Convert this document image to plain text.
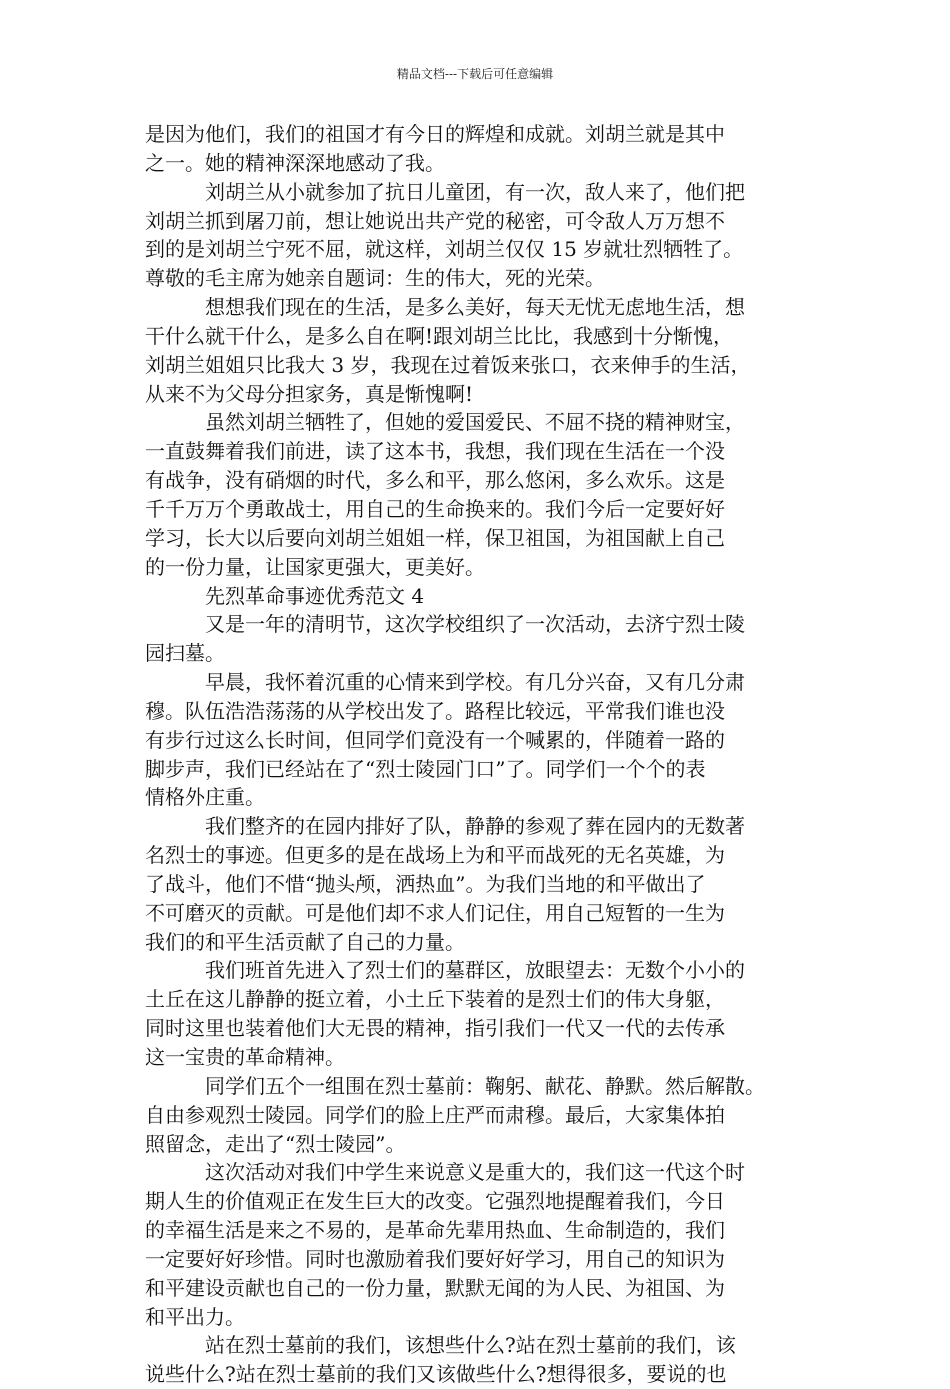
精品文档---下载后可任意编辑
是因为他们，我们的祖国才有今日的辉煌和成就。刘胡兰就是其中
之一。她的精神深深地感动了我。
刘胡兰从小就参加了抗日儿童团，有一次，敌人来了，他们把
刘胡兰抓到屠刀前，想让她说出共产党的秘密，可令敌人万万想不
到的是刘胡兰宁死不屈，就这样，刘胡兰仅仅 15 岁就壮烈牺牲了。
尊敬的毛主席为她亲自题词：生的伟大，死的光荣。
想想我们现在的生活，是多么美好，每天无忧无虑地生活，想
干什么就干什么，是多么自在啊!跟刘胡兰比比，我感到十分惭愧，
刘胡兰姐姐只比我大 3 岁，我现在过着饭来张口，衣来伸手的生活，
从来不为父母分担家务，真是惭愧啊!
虽然刘胡兰牺牲了，但她的爱国爱民、不屈不挠的精神财宝，
一直鼓舞着我们前进，读了这本书，我想，我们现在生活在一个没
有战争，没有硝烟的时代，多么和平，那么悠闲，多么欢乐。这是
千千万万个勇敢战士，用自己的生命换来的。我们今后一定要好好
学习，长大以后要向刘胡兰姐姐一样，保卫祖国，为祖国献上自己
的一份力量，让国家更强大，更美好。
先烈革命事迹优秀范文 4
又是一年的清明节，这次学校组织了一次活动，去济宁烈士陵
园扫墓。
早晨，我怀着沉重的心情来到学校。有几分兴奋，又有几分肃
穆。队伍浩浩荡荡的从学校出发了。路程比较远，平常我们谁也没
有步行过这么长时间，但同学们竟没有一个喊累的，伴随着一路的
脚步声，我们已经站在了“烈士陵园门口”了。同学们一个个的表
情格外庄重。
我们整齐的在园内排好了队，静静的参观了葬在园内的无数著
名烈士的事迹。但更多的是在战场上为和平而战死的无名英雄，为
了战斗，他们不惜“抛头颅，洒热血”。为我们当地的和平做出了
不可磨灭的贡献。可是他们却不求人们记住，用自己短暂的一生为
我们的和平生活贡献了自己的力量。
我们班首先进入了烈士们的墓群区，放眼望去：无数个小小的
土丘在这儿静静的挺立着，小土丘下装着的是烈士们的伟大身躯，
同时这里也装着他们大无畏的精神，指引我们一代又一代的去传承
这一宝贵的革命精神。
同学们五个一组围在烈士墓前：鞠躬、献花、静默。然后解散。
自由参观烈士陵园。同学们的脸上庄严而肃穆。最后，大家集体拍
照留念，走出了“烈士陵园”。
这次活动对我们中学生来说意义是重大的，我们这一代这个时
期人生的价值观正在发生巨大的改变。它强烈地提醒着我们，今日
的幸福生活是来之不易的，是革命先辈用热血、生命制造的，我们
一定要好好珍惜。同时也激励着我们要好好学习，用自己的知识为
和平建设贡献也自己的一份力量，默默无闻的为人民、为祖国、为
和平出力。
站在烈士墓前的我们，该想些什么?站在烈士墓前的我们，该
说些什么?站在烈士墓前的我们又该做些什么?想得很多，要说的也
